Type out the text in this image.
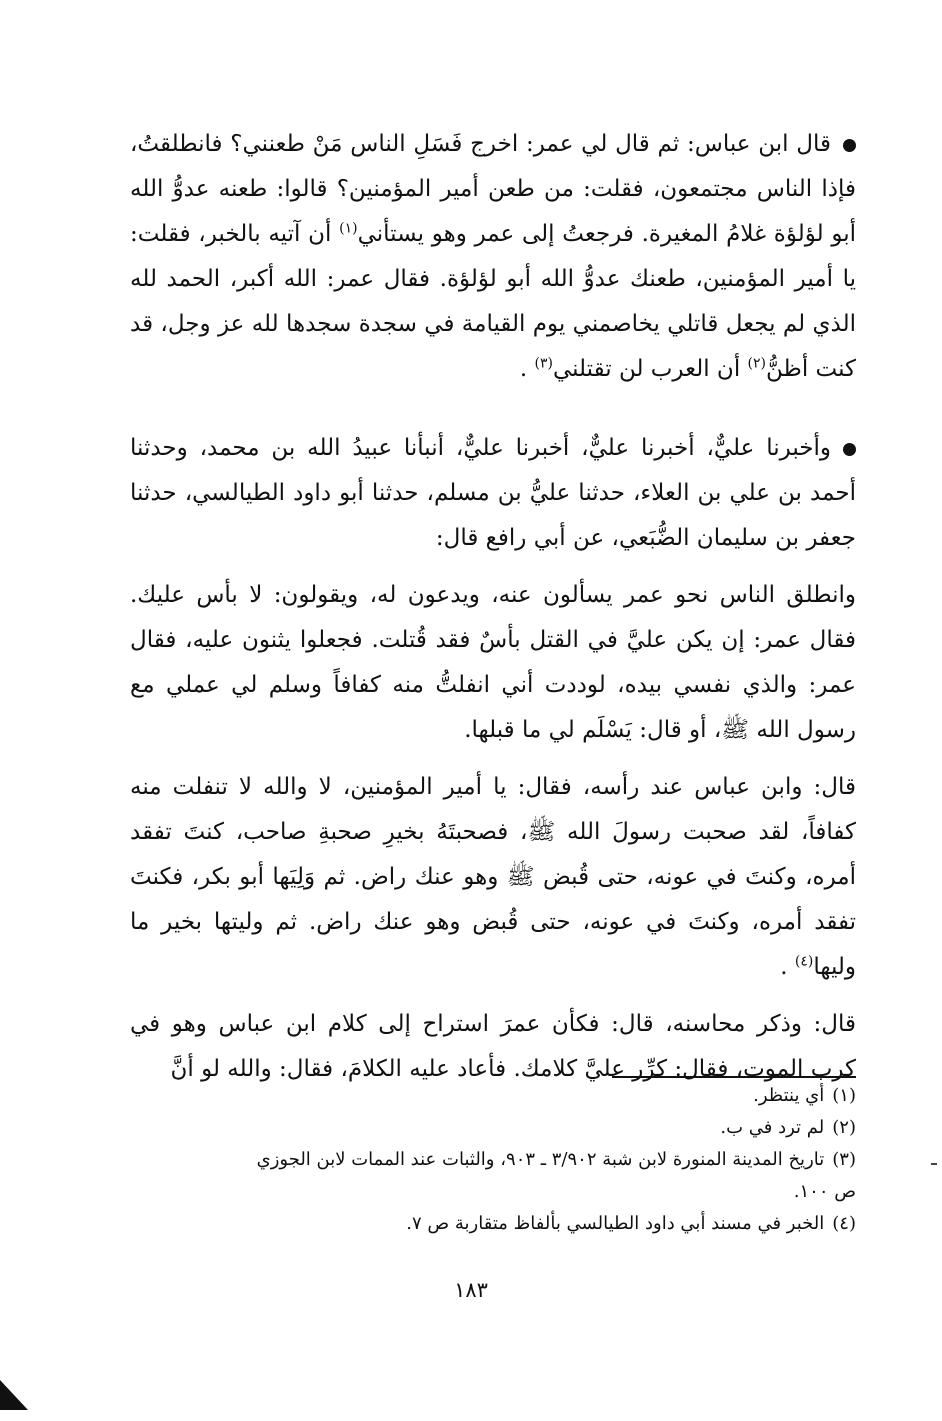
قال ابن عباس: ثم قال لي عمر: اخرج فَسَلِ الناس مَنْ طعنني؟ فانطلقتُ، فإذا الناس مجتمعون، فقلت: من طعن أمير المؤمنين؟ قالوا: طعنه عدوُّ الله أبو لؤلؤة غلامُ المغيرة. فرجعتُ إلى عمر وهو يستأني$^{(١)}$ أن آتيه بالخبر، فقلت: يا أمير المؤمنين، طعنك عدوُّ الله أبو لؤلؤة. فقال عمر: الله أكبر، الحمد لله الذي لم يجعل قاتلي يخاصمني يوم القيامة في سجدة سجدها لله عز وجل، قد كنت أظنُّ$^{(٢)}$ أن العرب لن تقتلني$^{(٣)}$ .

وأخبرنا عليٌّ، أخبرنا عليٌّ، أخبرنا عليٌّ، أنبأنا عبيدُ الله بن محمد، وحدثنا أحمد بن علي بن العلاء، حدثنا عليُّ بن مسلم، حدثنا أبو داود الطيالسي، حدثنا جعفر بن سليمان الضُّبَعي، عن أبي رافع قال:

وانطلق الناس نحو عمر يسألون عنه، ويدعون له، ويقولون: لا بأس عليك. فقال عمر: إن يكن عليَّ في القتل بأسٌ فقد قُتلت. فجعلوا يثنون عليه، فقال عمر: والذي نفسي بيده، لوددت أني انفلتُّ منه كفافاً وسلم لي عملي مع رسول الله ﷺ، أو قال: يَسْلَم لي ما قبلها.

قال: وابن عباس عند رأسه، فقال: يا أمير المؤمنين، لا والله لا تنفلت منه كفافاً، لقد صحبت رسولَ الله ﷺ، فصحبتَهُ بخيرِ صحبةِ صاحب، كنتَ تفقد أمره، وكنتَ في عونه، حتى قُبض ﷺ وهو عنك راض. ثم وَلِيَها أبو بكر، فكنتَ تفقد أمره، وكنتَ في عونه، حتى قُبض وهو عنك راض. ثم وليتها بخير ما وليها$^{(٤)}$ .

قال: وذكر محاسنه، قال: فكأن عمرَ استراح إلى كلام ابن عباس وهو في كرب الموت، فقال: كرِّر عليَّ كلامك. فأعاد عليه الكلامَ، فقال: والله لو أنَّ

(١)أي ينتظر.

(٢)لم ترد في ب.

(٣)تاريخ المدينة المنورة لابن شبة ٣/٩٠٢ ـ ٩٠٣، والثبات عند الممات لابن الجوزي

ص ١٠٠.

(٤)الخبر في مسند أبي داود الطيالسي بألفاظ متقاربة ص ٧.

١٨٣
